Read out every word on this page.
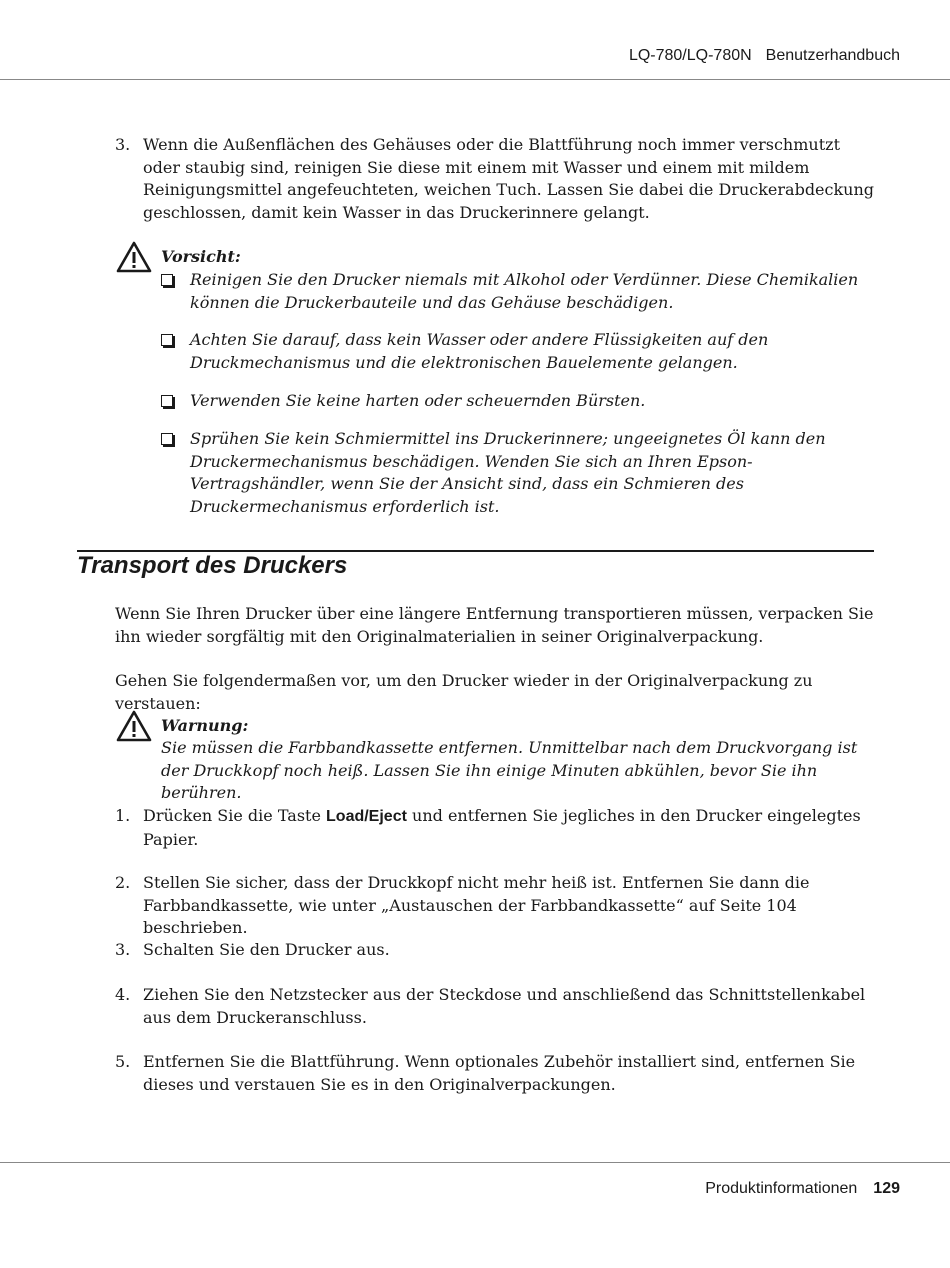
LQ-780/LQ-780N Benutzerhandbuch
3. Wenn die Außenflächen des Gehäuses oder die Blattführung noch immer verschmutzt oder staubig sind, reinigen Sie diese mit einem mit Wasser und einem mit mildem Reinigungsmittel angefeuchteten, weichen Tuch. Lassen Sie dabei die Druckerabdeckung geschlossen, damit kein Wasser in das Druckerinnere gelangt.
Vorsicht:
Reinigen Sie den Drucker niemals mit Alkohol oder Verdünner. Diese Chemikalien können die Druckerbauteile und das Gehäuse beschädigen.
Achten Sie darauf, dass kein Wasser oder andere Flüssigkeiten auf den Druckmechanismus und die elektronischen Bauelemente gelangen.
Verwenden Sie keine harten oder scheuernden Bürsten.
Sprühen Sie kein Schmiermittel ins Druckerinnere; ungeeignetes Öl kann den Druckermechanismus beschädigen. Wenden Sie sich an Ihren Epson-Vertragshändler, wenn Sie der Ansicht sind, dass ein Schmieren des Druckermechanismus erforderlich ist.
Transport des Druckers

Wenn Sie Ihren Drucker über eine längere Entfernung transportieren müssen, verpacken Sie ihn wieder sorgfältig mit den Originalmaterialien in seiner Originalverpackung.

Gehen Sie folgendermaßen vor, um den Drucker wieder in der Originalverpackung zu verstauen:

Warnung:
Sie müssen die Farbbandkassette entfernen. Unmittelbar nach dem Druckvorgang ist der Druckkopf noch heiß. Lassen Sie ihn einige Minuten abkühlen, bevor Sie ihn berühren.
1. Drücken Sie die Taste Load/Eject und entfernen Sie jegliches in den Drucker eingelegtes Papier.
2. Stellen Sie sicher, dass der Druckkopf nicht mehr heiß ist. Entfernen Sie dann die Farbbandkassette, wie unter „Austauschen der Farbbandkassette“ auf Seite 104 beschrieben.
3. Schalten Sie den Drucker aus.
4. Ziehen Sie den Netzstecker aus der Steckdose und anschließend das Schnittstellenkabel aus dem Druckeranschluss.
5. Entfernen Sie die Blattführung. Wenn optionales Zubehör installiert sind, entfernen Sie dieses und verstauen Sie es in den Originalverpackungen.
Produktinformationen 129
